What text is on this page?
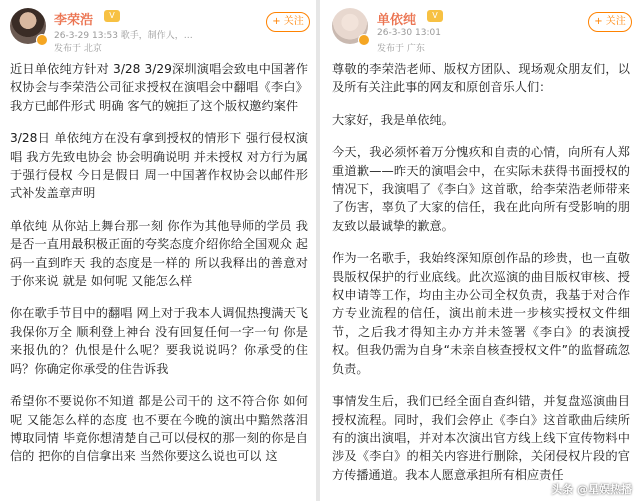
李荣浩	V
26-3-29 13:53 歌手，制作人，…
发布于 北京
+ 关注

近日单依纯方针对 3/28 3/29深圳演唱会致电中国著作权协会与李荣浩公司征求授权在演唱会中翻唱《李白》我方已邮件形式 明确 客气的婉拒了这个版权邀约案件

3/28日 单依纯方在没有拿到授权的情形下 强行侵权演唱 我方先致电协会 协会明确说明 并未授权 对方行为属于强行侵权 今日是假日 周一中国著作权协会以邮件形式补发盖章声明

单依纯 从你站上舞台那一刻 你作为其他导师的学员 我是否一直用最积极正面的夸奖态度介绍你给全国观众 起码一直到昨天 我的态度是一样的 所以我释出的善意对于你来说 就是 如何呢 又能怎么样

你在歌手节目中的翻唱 网上对于我本人调侃热搜满天飞 我保你万全 顺利登上神台 没有回复任何一字一句 你是来报仇的？仇恨是什么呢？要我说说吗？你承受的住吗？你确定你承受的住告诉我

希望你不要说你不知道 都是公司干的 这不符合你 如何呢 又能怎么样的态度 也不要在今晚的演出中黯然落泪博取同情 毕竟你想清楚自己可以侵权的那一刻的你是自信的 把你的自信拿出来 当然你要这么说也可以 这

单依纯	V
26-3-30 13:01
发布于 广东
+ 关注

尊敬的李荣浩老师、版权方团队、现场观众朋友们，以及所有关注此事的网友和原创音乐人们：

大家好，我是单依纯。

今天，我必须怀着万分愧疚和自责的心情，向所有人郑重道歉——昨天的演唱会中，在实际未获得书面授权的情况下，我演唱了《李白》这首歌，给李荣浩老师带来了伤害，辜负了大家的信任，我在此向所有受影响的朋友致以最诚挚的歉意。

作为一名歌手，我始终深知原创作品的珍贵，也一直敬畏版权保护的行业底线。此次巡演的曲目版权审核、授权申请等工作，均由主办公司全权负责，我基于对合作方专业流程的信任，演出前未进一步核实授权文件细节，之后我才得知主办方并未签署《李白》的表演授权。但我仍需为自身“未亲自核查授权文件”的监督疏忽负责。

事情发生后，我们已经全面自查纠错，并复盘巡演曲目授权流程。同时，我们会停止《李白》这首歌曲后续所有的演出演唱，并对本次演出官方线上线下宣传物料中涉及《李白》的相关内容进行删除，关闭侵权片段的官方传播通道。我本人愿意承担所有相应责任

头条 @星娱热播
